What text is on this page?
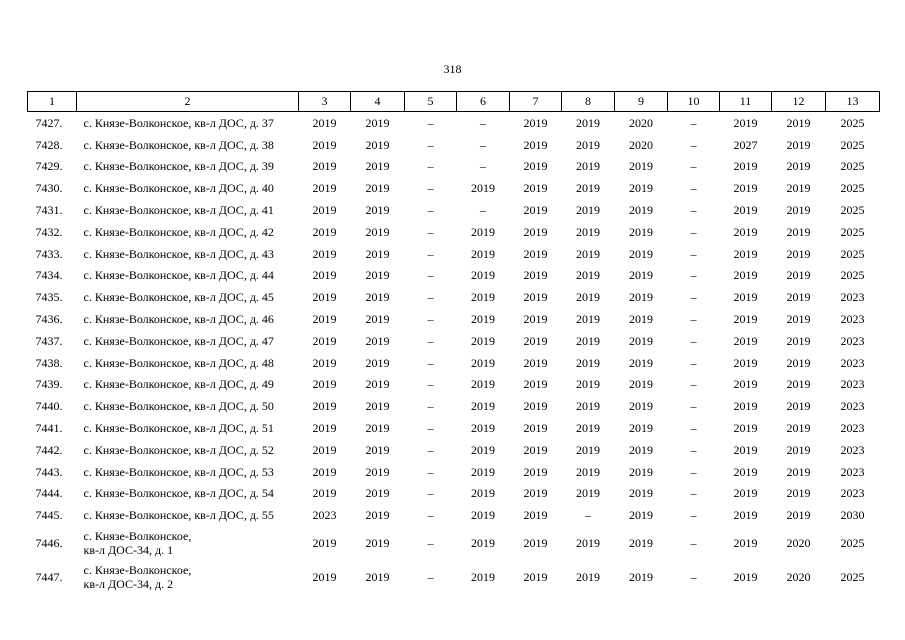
318
1	2	3	4	5	6	7	8	9	10	11	12	13
7427.	с. Князе-Волконское, кв-л ДОС, д. 37	2019	2019	–	–	2019	2019	2020	–	2019	2019	2025
7428.	с. Князе-Волконское, кв-л ДОС, д. 38	2019	2019	–	–	2019	2019	2020	–	2027	2019	2025
7429.	с. Князе-Волконское, кв-л ДОС, д. 39	2019	2019	–	–	2019	2019	2019	–	2019	2019	2025
7430.	с. Князе-Волконское, кв-л ДОС, д. 40	2019	2019	–	2019	2019	2019	2019	–	2019	2019	2025
7431.	с. Князе-Волконское, кв-л ДОС, д. 41	2019	2019	–	–	2019	2019	2019	–	2019	2019	2025
7432.	с. Князе-Волконское, кв-л ДОС, д. 42	2019	2019	–	2019	2019	2019	2019	–	2019	2019	2025
7433.	с. Князе-Волконское, кв-л ДОС, д. 43	2019	2019	–	2019	2019	2019	2019	–	2019	2019	2025
7434.	с. Князе-Волконское, кв-л ДОС, д. 44	2019	2019	–	2019	2019	2019	2019	–	2019	2019	2025
7435.	с. Князе-Волконское, кв-л ДОС, д. 45	2019	2019	–	2019	2019	2019	2019	–	2019	2019	2023
7436.	с. Князе-Волконское, кв-л ДОС, д. 46	2019	2019	–	2019	2019	2019	2019	–	2019	2019	2023
7437.	с. Князе-Волконское, кв-л ДОС, д. 47	2019	2019	–	2019	2019	2019	2019	–	2019	2019	2023
7438.	с. Князе-Волконское, кв-л ДОС, д. 48	2019	2019	–	2019	2019	2019	2019	–	2019	2019	2023
7439.	с. Князе-Волконское, кв-л ДОС, д. 49	2019	2019	–	2019	2019	2019	2019	–	2019	2019	2023
7440.	с. Князе-Волконское, кв-л ДОС, д. 50	2019	2019	–	2019	2019	2019	2019	–	2019	2019	2023
7441.	с. Князе-Волконское, кв-л ДОС, д. 51	2019	2019	–	2019	2019	2019	2019	–	2019	2019	2023
7442.	с. Князе-Волконское, кв-л ДОС, д. 52	2019	2019	–	2019	2019	2019	2019	–	2019	2019	2023
7443.	с. Князе-Волконское, кв-л ДОС, д. 53	2019	2019	–	2019	2019	2019	2019	–	2019	2019	2023
7444.	с. Князе-Волконское, кв-л ДОС, д. 54	2019	2019	–	2019	2019	2019	2019	–	2019	2019	2023
7445.	с. Князе-Волконское, кв-л ДОС, д. 55	2023	2019	–	2019	2019	–	2019	–	2019	2019	2030
7446.	с. Князе-Волконское,
кв-л ДОС-34, д. 1	2019	2019	–	2019	2019	2019	2019	–	2019	2020	2025
7447.	с. Князе-Волконское,
кв-л ДОС-34, д. 2	2019	2019	–	2019	2019	2019	2019	–	2019	2020	2025
